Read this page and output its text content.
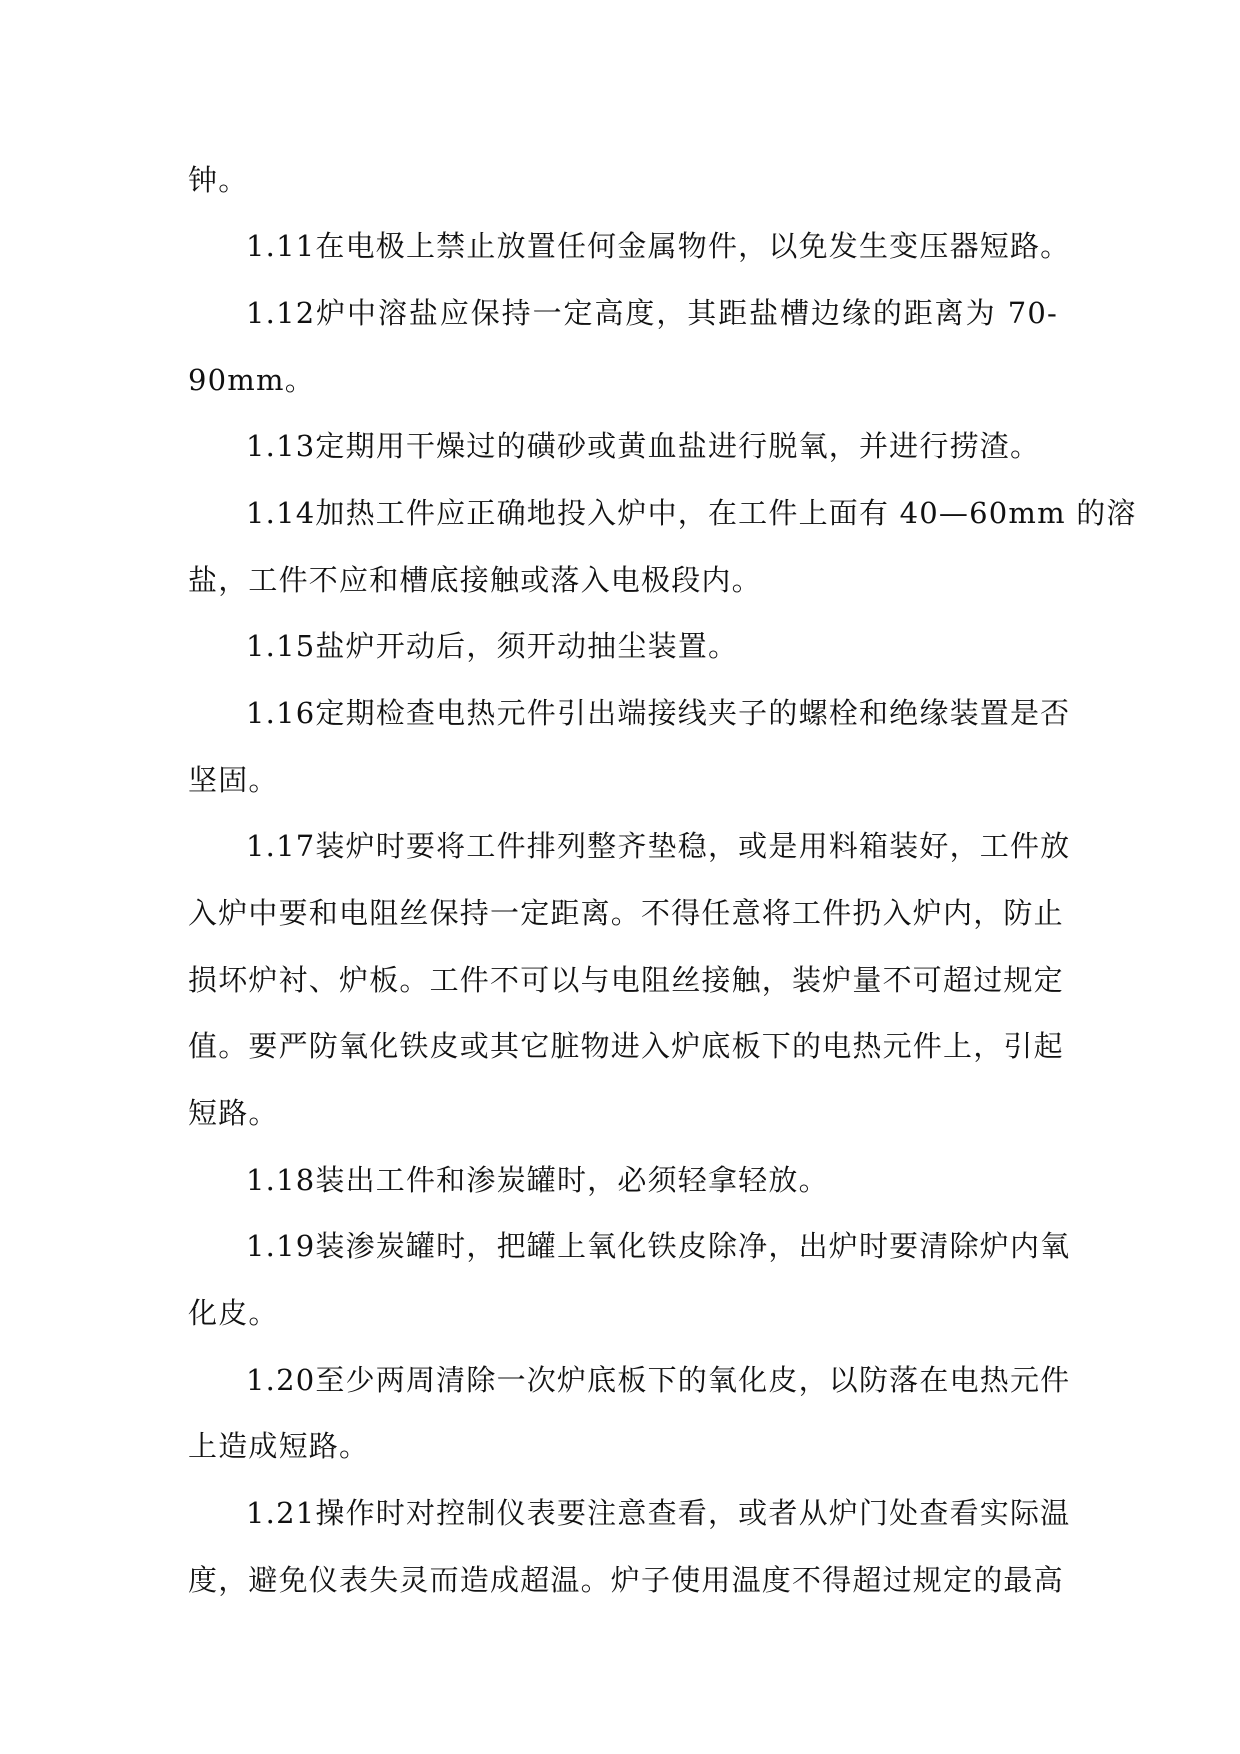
钟。
1.11在电极上禁止放置任何金属物件，以免发生变压器短路。
1.12炉中溶盐应保持一定高度，其距盐槽边缘的距离为 70-
90mm。
1.13定期用干燥过的磺砂或黄血盐进行脱氧，并进行捞渣。
1.14加热工件应正确地投入炉中，在工件上面有 40—60mm 的溶
盐，工件不应和槽底接触或落入电极段内。
1.15盐炉开动后，须开动抽尘装置。
1.16定期检查电热元件引出端接线夹子的螺栓和绝缘装置是否
坚固。
1.17装炉时要将工件排列整齐垫稳，或是用料箱装好，工件放
入炉中要和电阻丝保持一定距离。不得任意将工件扔入炉内，防止
损坏炉衬、炉板。工件不可以与电阻丝接触，装炉量不可超过规定
值。要严防氧化铁皮或其它脏物进入炉底板下的电热元件上，引起
短路。
1.18装出工件和渗炭罐时，必须轻拿轻放。
1.19装渗炭罐时，把罐上氧化铁皮除净，出炉时要清除炉内氧
化皮。
1.20至少两周清除一次炉底板下的氧化皮，以防落在电热元件
上造成短路。
1.21操作时对控制仪表要注意查看，或者从炉门处查看实际温
度，避免仪表失灵而造成超温。炉子使用温度不得超过规定的最高
